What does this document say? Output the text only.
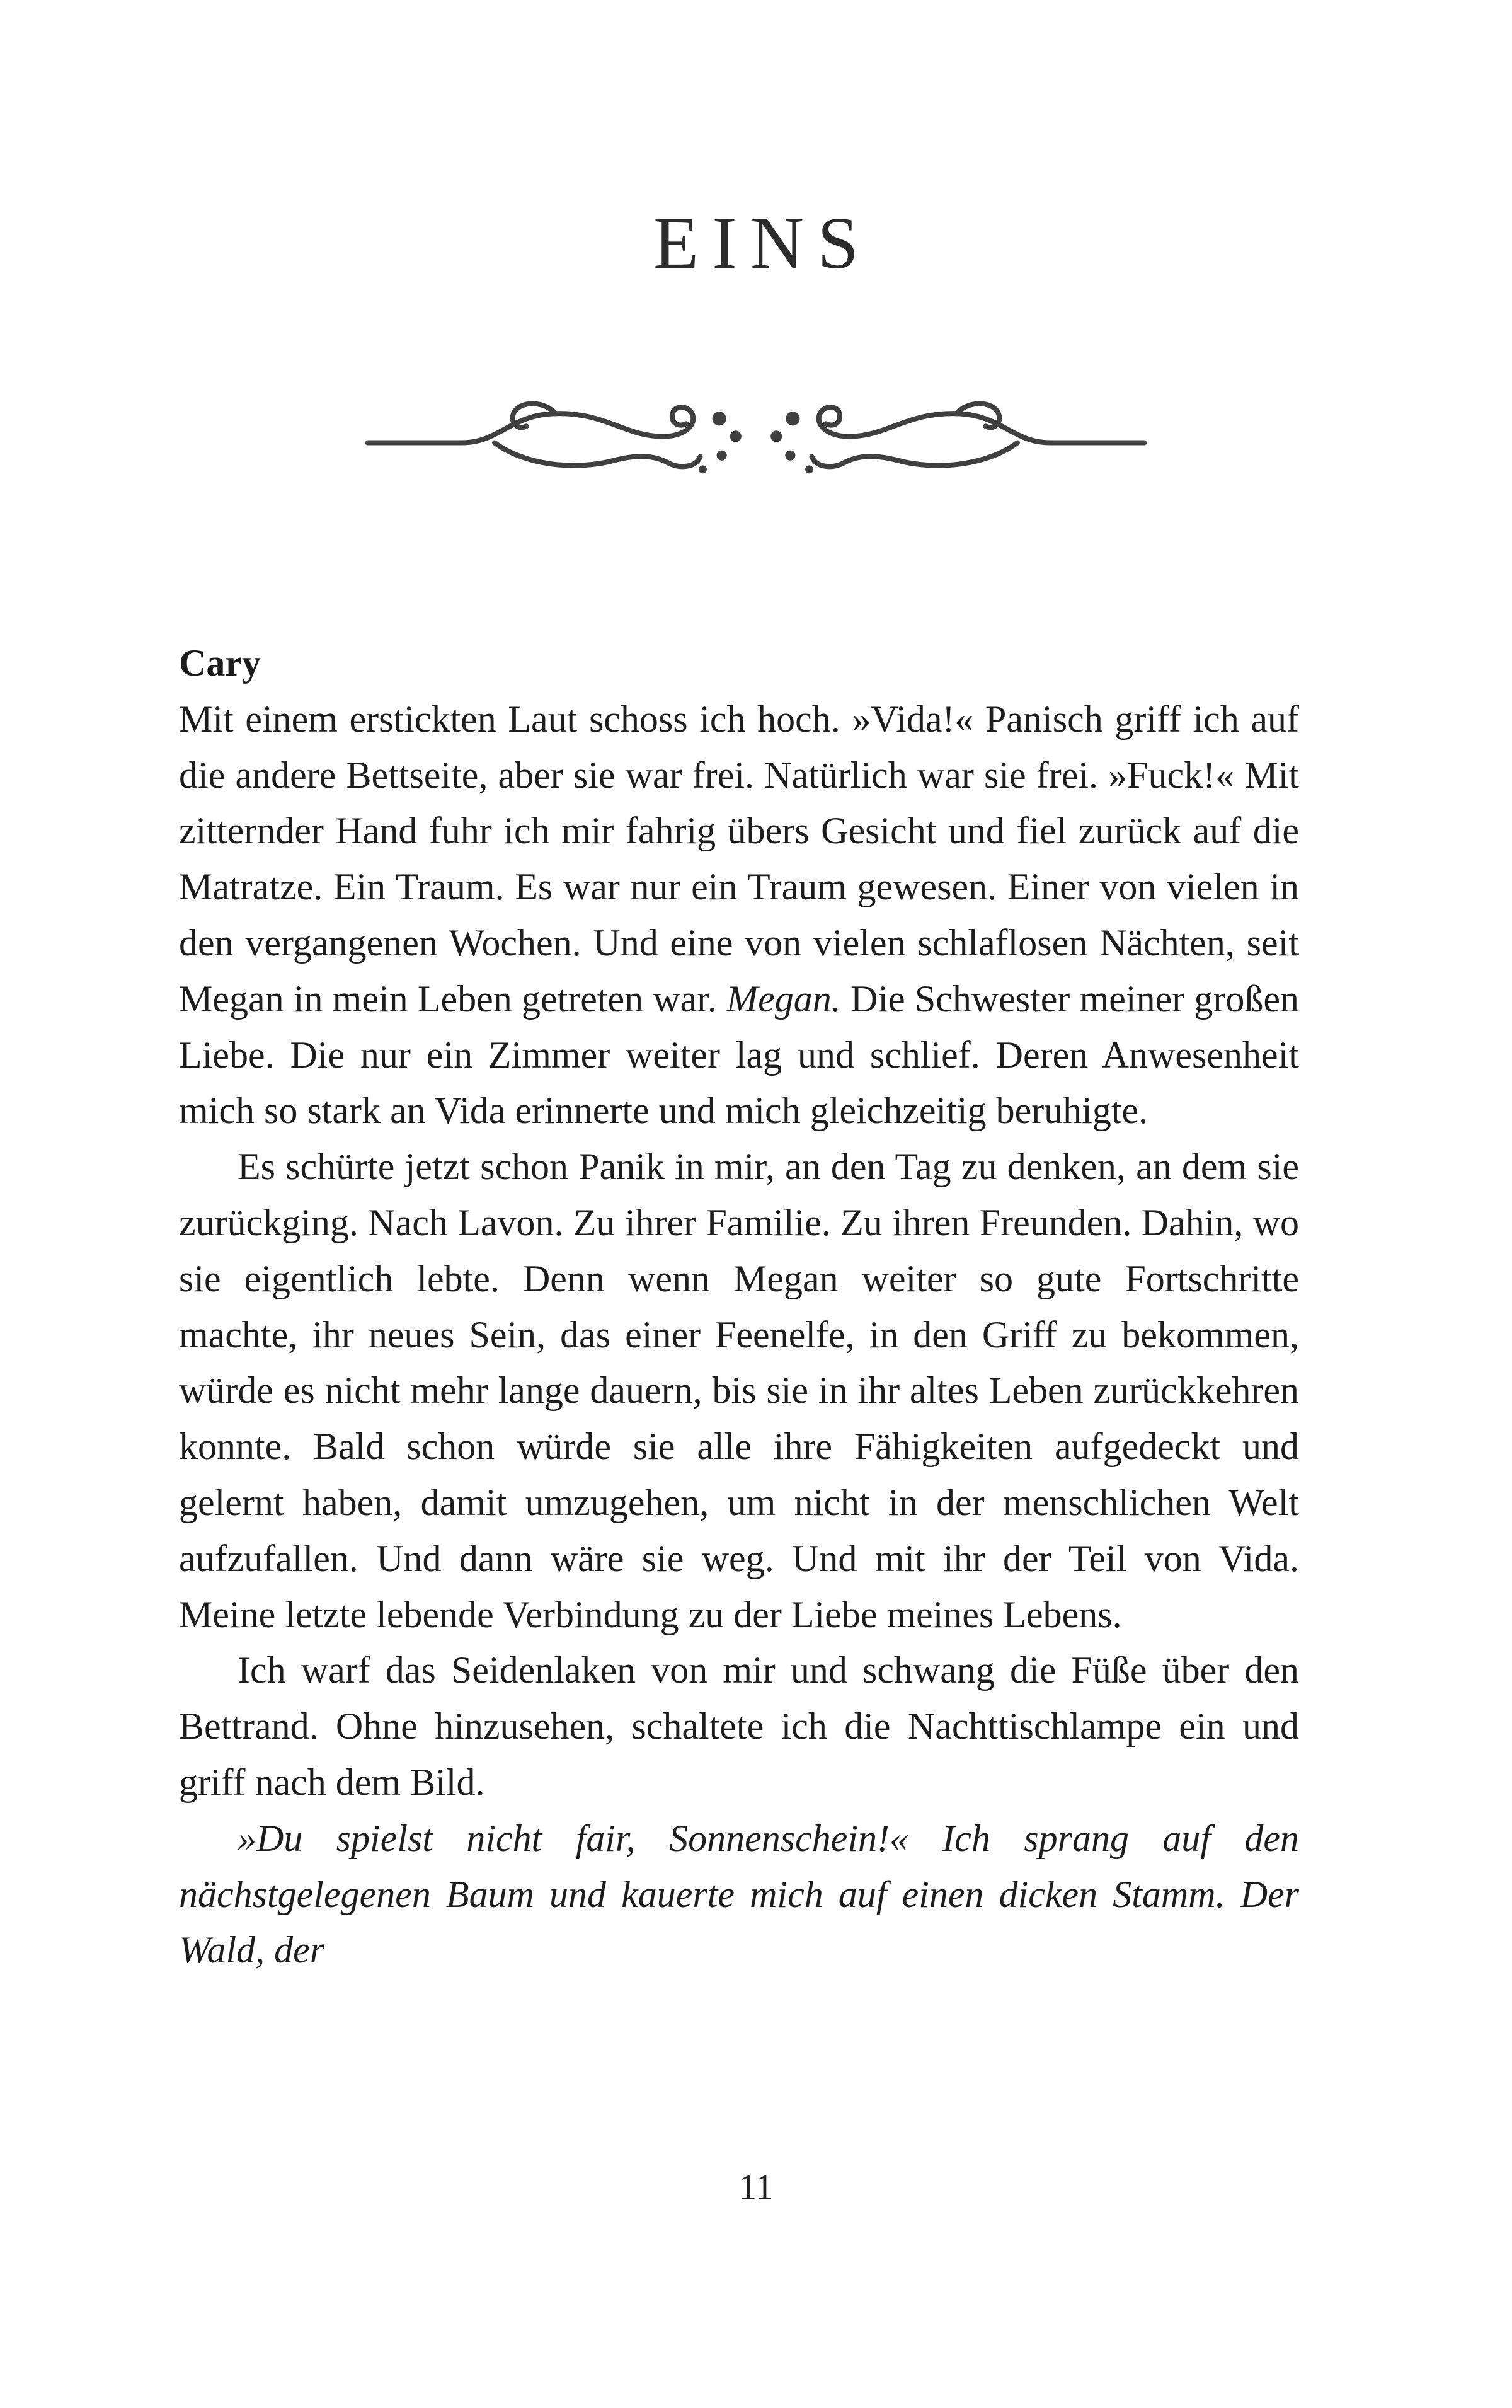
EINS

Cary

Mit einem erstickten Laut schoss ich hoch. »Vida!« Panisch griff ich auf die andere Bettseite, aber sie war frei. Natürlich war sie frei. »Fuck!« Mit zitternder Hand fuhr ich mir fahrig übers Gesicht und fiel zurück auf die Matratze. Ein Traum. Es war nur ein Traum gewesen. Einer von vielen in den vergangenen Wochen. Und eine von vielen schlaflosen Nächten, seit Megan in mein Leben getreten war. Megan. Die Schwester meiner großen Liebe. Die nur ein Zimmer weiter lag und schlief. Deren Anwesenheit mich so stark an Vida erinnerte und mich gleichzeitig beruhigte.

Es schürte jetzt schon Panik in mir, an den Tag zu denken, an dem sie zurückging. Nach Lavon. Zu ihrer Familie. Zu ihren Freunden. Dahin, wo sie eigentlich lebte. Denn wenn Megan weiter so gute Fortschritte machte, ihr neues Sein, das einer Feenelfe, in den Griff zu bekommen, würde es nicht mehr lange dauern, bis sie in ihr altes Leben zurückkehren konnte. Bald schon würde sie alle ihre Fähigkeiten aufgedeckt und gelernt haben, damit umzugehen, um nicht in der menschlichen Welt aufzufallen. Und dann wäre sie weg. Und mit ihr der Teil von Vida. Meine letzte lebende Verbindung zu der Liebe meines Lebens.

Ich warf das Seidenlaken von mir und schwang die Füße über den Bettrand. Ohne hinzusehen, schaltete ich die Nachttischlampe ein und griff nach dem Bild.

»Du spielst nicht fair, Sonnenschein!« Ich sprang auf den nächstgelegenen Baum und kauerte mich auf einen dicken Stamm. Der Wald, der

11
